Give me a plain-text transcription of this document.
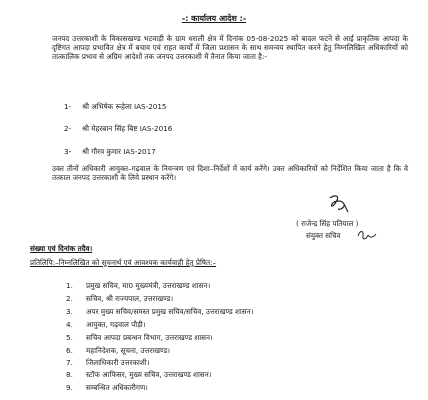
-: कार्यालय आदेश :-
जनपद उत्तरकाशी के विकासखण्ड भटवाड़ी के ग्राम धराली क्षेत्र में दिनांक 05-08-2025 को बादल फटने से आई प्राकृतिक आपदा के दृष्टिगत आपदा प्रभावित क्षेत्र में बचाव एवं राहत कार्यों में जिला प्रशासन के साथ समन्वय स्थापित करने हेतु निम्नलिखित अधिकारियों को तात्कालिक प्रभाव से अग्रिम आदेशों तक जनपद उत्तरकाशी में तैनात किया जाता है:-
1- श्री अभिषेक रूहेला IAS-2015
2- श्री मेहरबान सिंह बिष्ट IAS-2016
3- श्री गौरव कुमार IAS-2017
उक्त तीनों अधिकारी आयुक्त–गढ़वाल के नियन्त्रण एवं दिशा–निर्देशों में कार्य करेंगे। उक्त अधिकारियों को निर्देशित किया जाता है कि वे तत्काल जनपद उत्तरकाशी के लिये प्रस्थान करेंगे।
( राजेन्द्र सिंह पतियाल )
संयुक्त सचिव
संख्या एवं दिनांक तदैव।
प्रतिलिपि:–निम्नलिखित को सूचनार्थ एवं आवश्यक कार्यवाही हेतु प्रेषित:–
1. प्रमुख सचिव, मा0 मुख्यमंत्री, उत्तराखण्ड शासन।
2. सचिव, श्री राज्यपाल, उत्तराखण्ड।
3. अपर मुख्य सचिव/समस्त प्रमुख सचिव/सचिव, उत्तराखण्ड शासन।
4. आयुक्त, गढ़वाल पौड़ी।
5. सचिव आपदा प्रबन्धन विभाग, उत्तराखण्ड शासन।
6. महानिदेशक, सूचना, उत्तराखण्ड।
7. जिलाधिकारी उत्तरकाशी।
8. स्टॉफ आफिसर, मुख्य सचिव, उत्तराखण्ड शासन।
9. सम्बन्धित अधिकारीगण।
